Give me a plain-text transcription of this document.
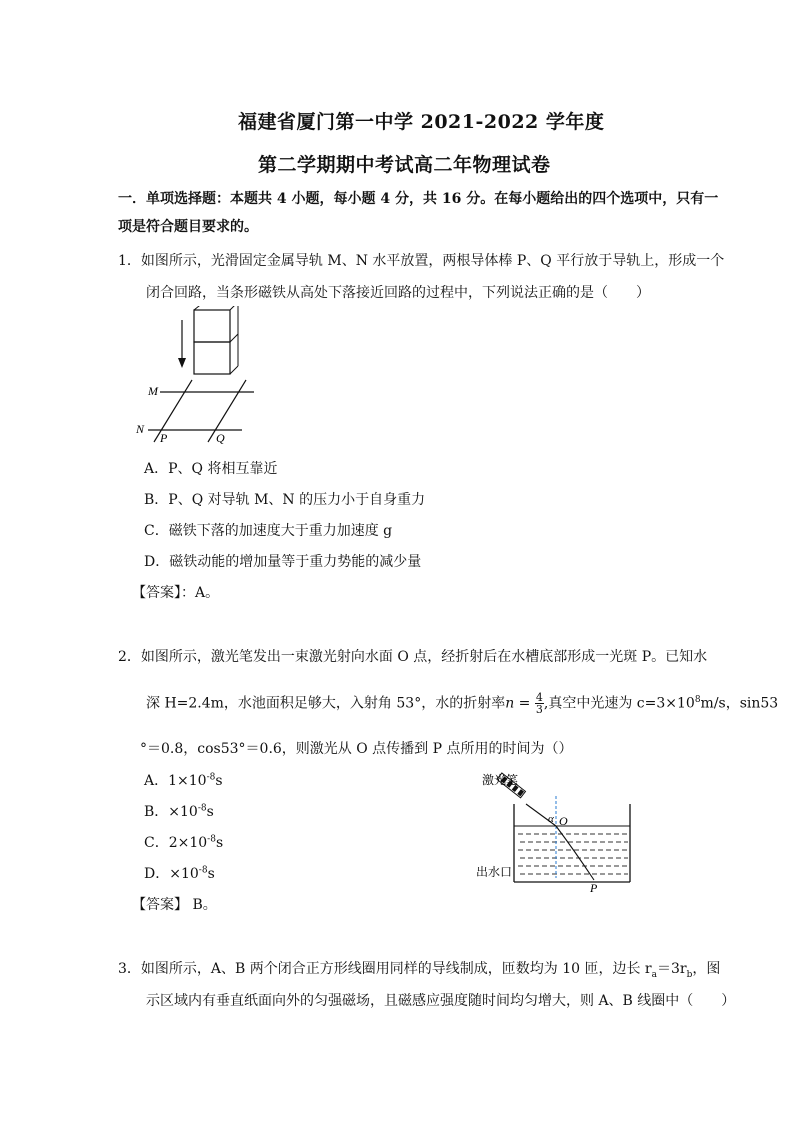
福建省厦门第一中学 2021-2022 学年度
第二学期期中考试高二年物理试卷
一．单项选择题：本题共 4 小题，每小题 4 分，共 16 分。在每小题给出的四个选项中，只有一
项是符合题目要求的。
1．如图所示，光滑固定金属导轨 M、N 水平放置，两根导体棒 P、Q 平行放于导轨上，形成一个
闭合回路，当条形磁铁从高处下落接近回路的过程中，下列说法正确的是（　　）
M
N
P	Q
A．P、Q 将相互靠近
B．P、Q 对导轨 M、N 的压力小于自身重力
C．磁铁下落的加速度大于重力加速度 g
D．磁铁动能的增加量等于重力势能的减少量
【答案】：A。
2．如图所示，激光笔发出一束激光射向水面 O 点，经折射后在水槽底部形成一光斑 P。已知水
深 H=2.4m，水池面积足够大，入射角 53°，水的折射率$n = \frac{4}{3}$ ,真空中光速为 $c=3\times 10^8m/s$，sin53
°＝0.8，cos53°＝0.6，则激光从 O 点传播到 P 点所用的时间为（）
A．$1\times 10^{-8}s$
B．$\times 10^{-8}s$
C．$2\times 10^{-8}s$
D．$\times 10^{-8}s$
【答案】 B。
激光笔
α O
出水口
P
3．如图所示，A、B 两个闭合正方形线圈用同样的导线制成，匝数均为 10 匝，边长 $r_a=3r_b$，图
示区域内有垂直纸面向外的匀强磁场，且磁感应强度随时间均匀增大，则 A、B 线圈中（　　）
